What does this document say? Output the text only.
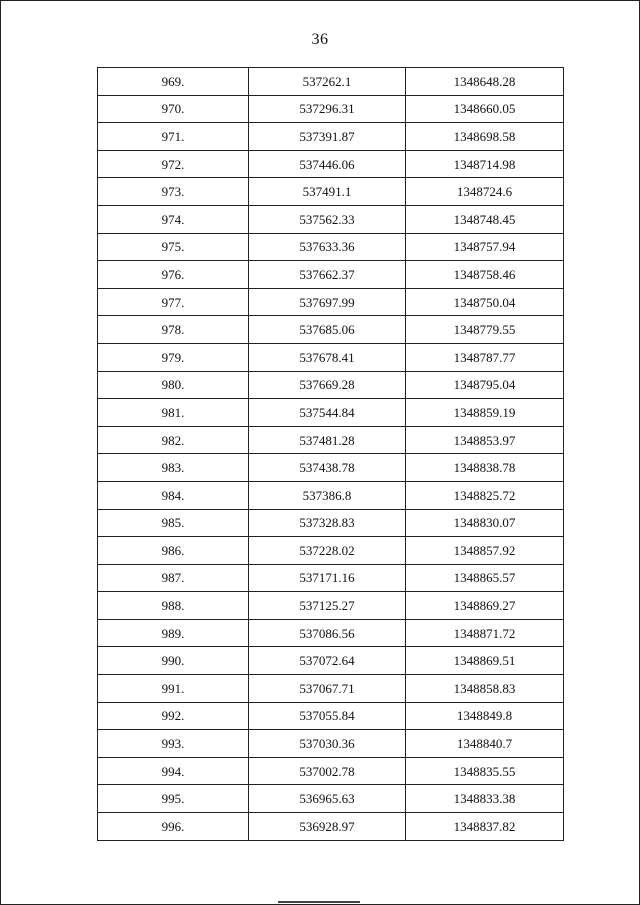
36
969.	537262.1	1348648.28
970.	537296.31	1348660.05
971.	537391.87	1348698.58
972.	537446.06	1348714.98
973.	537491.1	1348724.6
974.	537562.33	1348748.45
975.	537633.36	1348757.94
976.	537662.37	1348758.46
977.	537697.99	1348750.04
978.	537685.06	1348779.55
979.	537678.41	1348787.77
980.	537669.28	1348795.04
981.	537544.84	1348859.19
982.	537481.28	1348853.97
983.	537438.78	1348838.78
984.	537386.8	1348825.72
985.	537328.83	1348830.07
986.	537228.02	1348857.92
987.	537171.16	1348865.57
988.	537125.27	1348869.27
989.	537086.56	1348871.72
990.	537072.64	1348869.51
991.	537067.71	1348858.83
992.	537055.84	1348849.8
993.	537030.36	1348840.7
994.	537002.78	1348835.55
995.	536965.63	1348833.38
996.	536928.97	1348837.82
